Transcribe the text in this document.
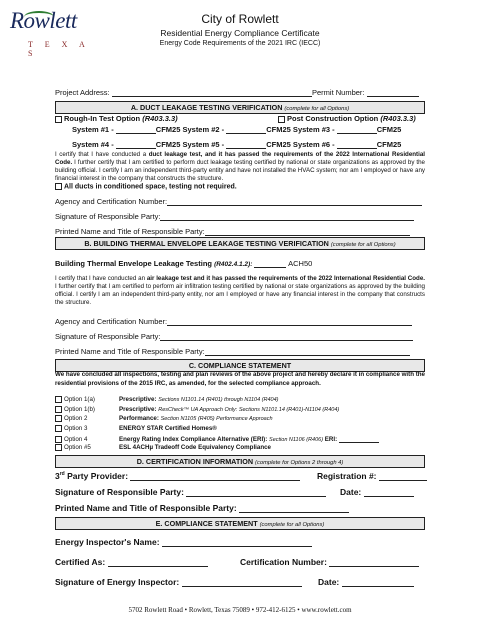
Rowlett
T E X A S
City of Rowlett
Residential Energy Compliance Certificate
Energy Code Requirements of the 2021 IRC (IECC)
Project Address:	Permit Number:
A. DUCT LEAKAGE TESTING VERIFICATION (complete for all Options)
Rough-In Test Option (R403.3.3)	Post Construction Option (R403.3.3)
System #1 -	CFM25 System #2 -	CFM25 System #3 -	CFM25
System #4 -	CFM25 System #5 -	CFM25 System #6 -	CFM25
I certify that I have conducted a duct leakage test, and it has passed the requirements of the 2022 International Residential Code. I further certify that I am certified to perform duct leakage testing certified by national or state organizations as approved by the building official. I certify I am an independent third-party entity and have not installed the HVAC system; nor am I employed or have any financial interest in the company that constructs the structure.
All ducts in conditioned space, testing not required.
Agency and Certification Number:
Signature of Responsible Party:
Printed Name and Title of Responsible Party:
B. BUILDING THERMAL ENVELOPE LEAKAGE TESTING VERIFICATION (complete for all Options)
Building Thermal Envelope Leakage Testing (R402.4.1.2):	ACH50
I certify that I have conducted an air leakage test and it has passed the requirements of the 2022 International Residential Code. I further certify that I am certified to perform air infiltration testing certified by national or state organizations as approved by the building official. I certify I am an independent third-party entity, nor am I employed or have any financial interest in the company that constructs the structure.
Agency and Certification Number:
Signature of Responsible Party:
Printed Name and Title of Responsible Party:
C. COMPLIANCE STATEMENT
We have concluded all inspections, testing and plan reviews of the above project and hereby declare it in compliance with the residential provisions of the 2015 IRC, as amended, for the selected compliance approach.
Option 1(a)	Prescriptive: Sections N1101.14 (R401) through N1104 (R404)
Option 1(b)	Prescriptive: ResCheck™ UA Approach Only: Sections N1101.14 (R401)-N1104 (R404)
Option 2	Performance: Section N1105 (R405) Performance Approach
Option 3	ENERGY STAR Certified Homes®
Option 4	Energy Rating Index Compliance Alternative (ERI): Section N1106 (R406) ERI:
Option #5	ESL 4ACHµ Tradeoff Code Equivalency Compliance
D. CERTIFICATION INFORMATION (complete for Options 2 through 4)
3rd Party Provider:	Registration #:
Signature of Responsible Party:	Date:
Printed Name and Title of Responsible Party:
E. COMPLIANCE STATEMENT (complete for all Options)
Energy Inspector's Name:
Certified As:	Certification Number:
Signature of Energy Inspector:	Date:
5702 Rowlett Road • Rowlett, Texas 75089 • 972-412-6125 • www.rowlett.com
